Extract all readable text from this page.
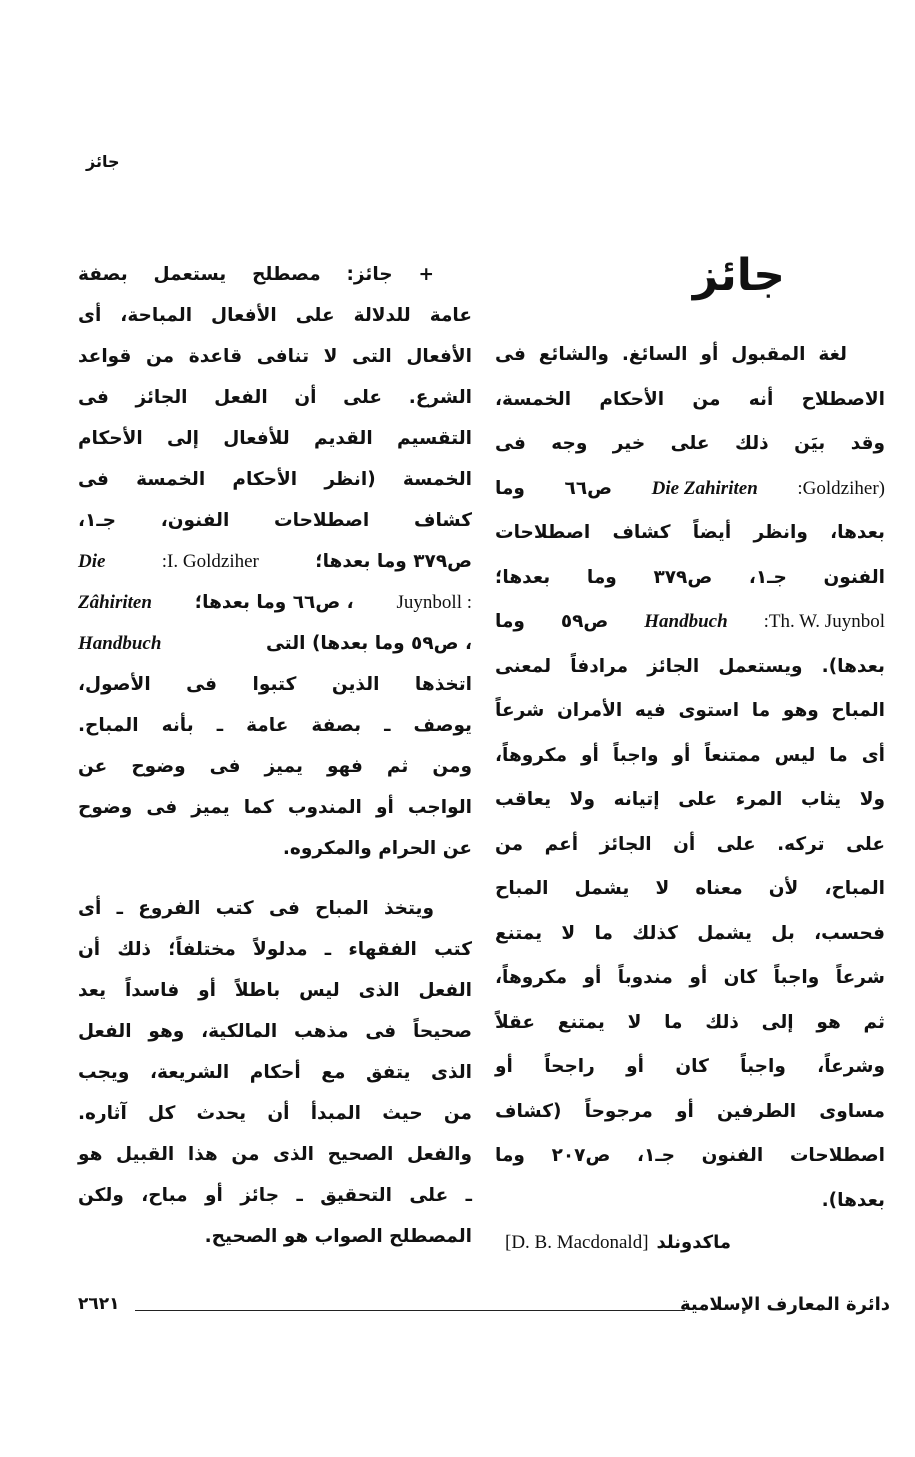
جائز
جائز
لغة المقبول أو السائغ. والشائع فى
الاصطلاح أنه من الأحكام الخمسة،
وقد بيَن ذلك على خير وجه فى
وما ص٦٦ Die Zahiriten :Goldziher)
بعدها، وانظر أيضاً كشاف اصطلاحات
الفنون جـ١، ص٣٧٩ وما بعدها؛
وما ص٥٩ Handbuch :Th. W. Juynbol
بعدها). ويستعمل الجائز مرادفاً لمعنى
المباح وهو ما استوى فيه الأمران شرعاً
أى ما ليس ممتنعاً أو واجباً أو مكروهاً،
ولا يثاب المرء على إتيانه ولا يعاقب
على تركه. على أن الجائز أعم من
المباح، لأن معناه لا يشمل المباح
فحسب، بل يشمل كذلك ما لا يمتنع
شرعاً واجباً كان أو مندوباً أو مكروهاً،
ثم هو إلى ذلك ما لا يمتنع عقلاً
وشرعاً، واجباً كان أو راجحاً أو
مساوى الطرفين أو مرجوحاً (كشاف
اصطلاحات الفنون جـ١، ص٢٠٧ وما
بعدها).
+ جائز: مصطلح يستعمل بصفة
عامة للدلالة على الأفعال المباحة، أى
الأفعال التى لا تنافى قاعدة من قواعد
الشرع. على أن الفعل الجائز فى
التقسيم القديم للأفعال إلى الأحكام
الخمسة (انظر الأحكام الخمسة فى
كشاف اصطلاحات الفنون، جـ١،
Die	:I. Goldziher	ص٣٧٩ وما بعدها؛
Zâhiriten ، ص٦٦ وما بعدها؛ Juynboll :
Handbuch	، ص٥٩ وما بعدها) التى
اتخذها الذين كتبوا فى الأصول،
يوصف ـ بصفة عامة ـ بأنه المباح.
ومن ثم فهو يميز فى وضوح عن
الواجب أو المندوب كما يميز فى وضوح
عن الحرام والمكروه.
ويتخذ المباح فى كتب الفروع ـ أى
كتب الفقهاء ـ مدلولاً مختلفاً؛ ذلك أن
الفعل الذى ليس باطلاً أو فاسداً يعد
صحيحاً فى مذهب المالكية، وهو الفعل
الذى يتفق مع أحكام الشريعة، ويجب
من حيث المبدأ أن يحدث كل آثاره.
والفعل الصحيح الذى من هذا القبيل هو
ـ على التحقيق ـ جائز أو مباح، ولكن
المصطلح الصواب هو الصحيح. [D. B. Macdonald] ماكدونلد
دائرة المعارف الإسلامية
٢٦٢١
